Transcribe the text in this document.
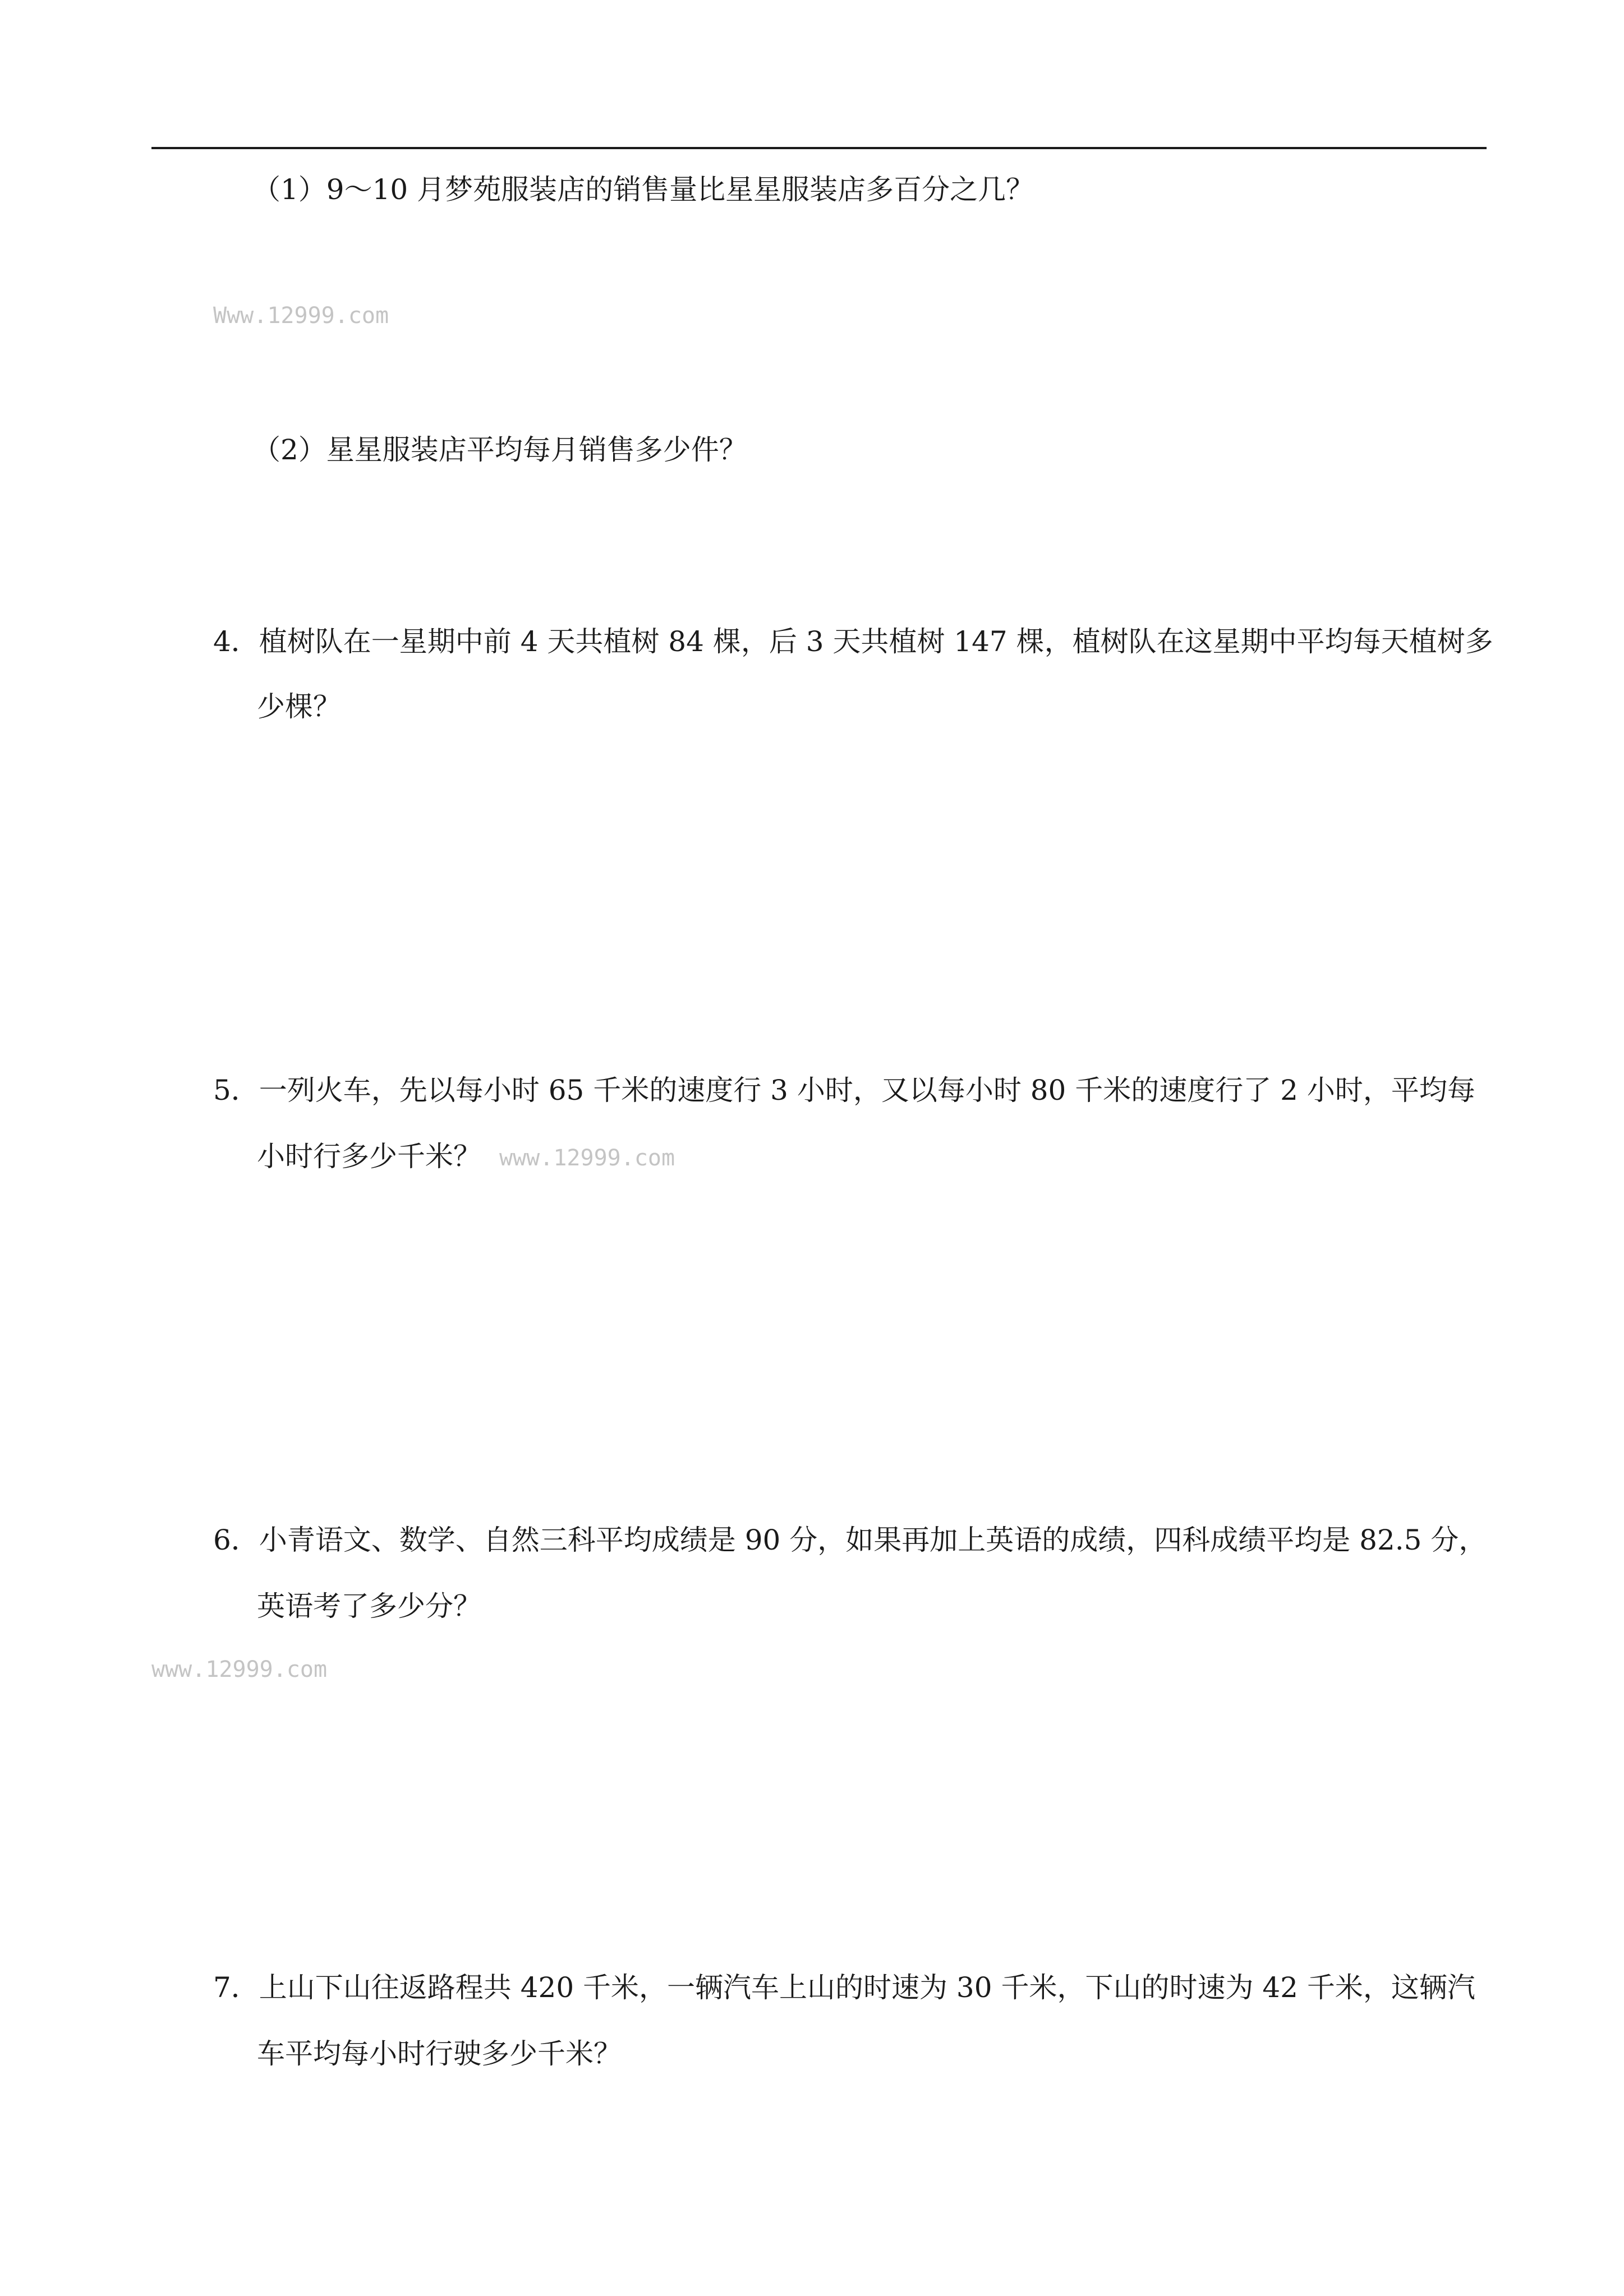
（1）9～10 月梦苑服装店的销售量比星星服装店多百分之几？
Www.12999.com
（2）星星服装店平均每月销售多少件？
4．植树队在一星期中前 4 天共植树 84 棵，后 3 天共植树 147 棵，植树队在这星期中平均每天植树多
少棵？
5．一列火车，先以每小时 65 千米的速度行 3 小时，又以每小时 80 千米的速度行了 2 小时，平均每
小时行多少千米？ www.12999.com
6．小青语文、数学、自然三科平均成绩是 90 分，如果再加上英语的成绩，四科成绩平均是 82.5 分，
英语考了多少分？
www.12999.com
7．上山下山往返路程共 420 千米，一辆汽车上山的时速为 30 千米，下山的时速为 42 千米，这辆汽
车平均每小时行驶多少千米？
